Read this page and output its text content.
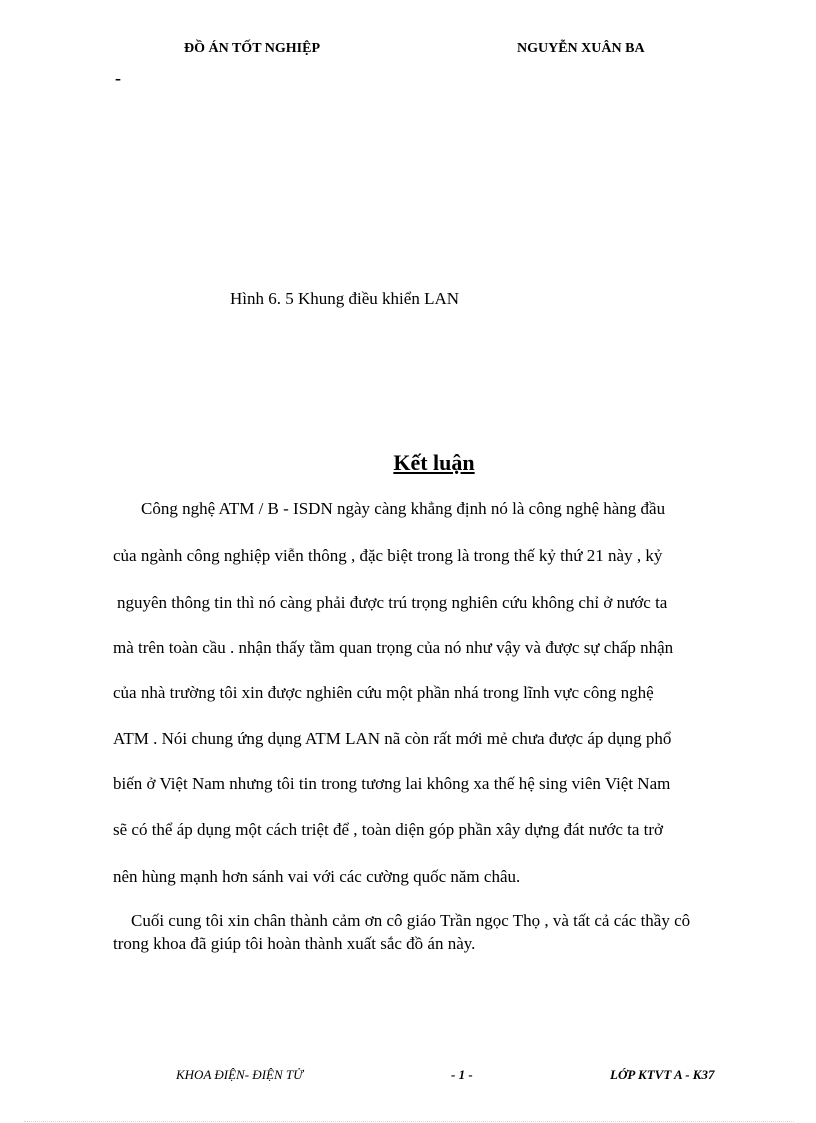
ĐỒ ÁN TỐT NGHIỆP	NGUYỄN XUÂN BA
-
Hình 6. 5 Khung điều khiển LAN
Kết luận
Công nghệ ATM / B - ISDN ngày càng khẳng định nó là công nghệ hàng đầu
của ngành công nghiệp viễn thông , đặc biệt trong là trong thế kỷ thứ 21 này , kỷ
nguyên thông tin thì nó càng phải được trú trọng nghiên cứu không chỉ ở nước ta
mà trên toàn cầu . nhận thấy tầm quan trọng của nó như vậy và được sự chấp nhận
của nhà trường tôi xin được nghiên cứu một phần nhá trong lĩnh vực công nghệ
ATM . Nói chung ứng dụng ATM LAN nã còn rất mới mẻ chưa được áp dụng phổ
biến ở Việt Nam nhưng tôi tin trong tương lai không xa thế hệ sing viên Việt Nam
sẽ có thể áp dụng một cách triệt để , toàn diện góp phần xây dựng đát nước ta trở
nên hùng mạnh hơn sánh vai với các cường quốc năm châu.
Cuối cung tôi xin chân thành cảm ơn cô giáo Trần ngọc Thọ , và tất cả các thầy cô
trong khoa đã giúp tôi hoàn thành xuất sắc đồ án này.
KHOA ĐIỆN- ĐIỆN TỬ	- 1 -	LỚP KTVT A - K37
